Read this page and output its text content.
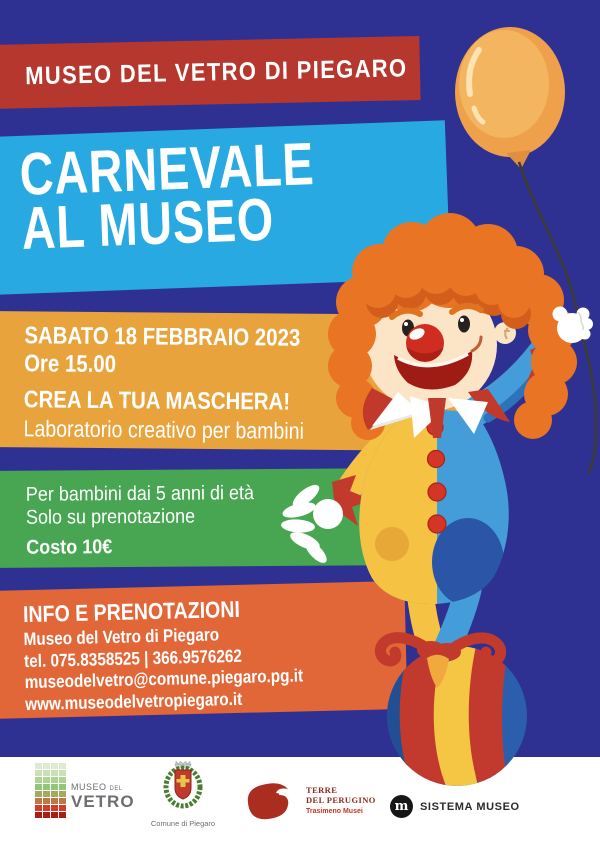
MUSEO DEL VETRO DI PIEGARO
CARNEVALE
AL MUSEO
SABATO 18 FEBBRAIO 2023
Ore 15.00
CREA LA TUA MASCHERA!
Laboratorio creativo per bambini
Per bambini dai 5 anni di età
Solo su prenotazione
Costo 10€
INFO E PRENOTAZIONI
Museo del Vetro di Piegaro
tel. 075.8358525 | 366.9576262
museodelvetro@comune.piegaro.pg.it
www.museodelvetropiegaro.it
MUSEO DEL
VETRO
Comune di Piegaro
TERRE
DEL PERUGINO
Trasimeno Musei	m	SISTEMA MUSEO
